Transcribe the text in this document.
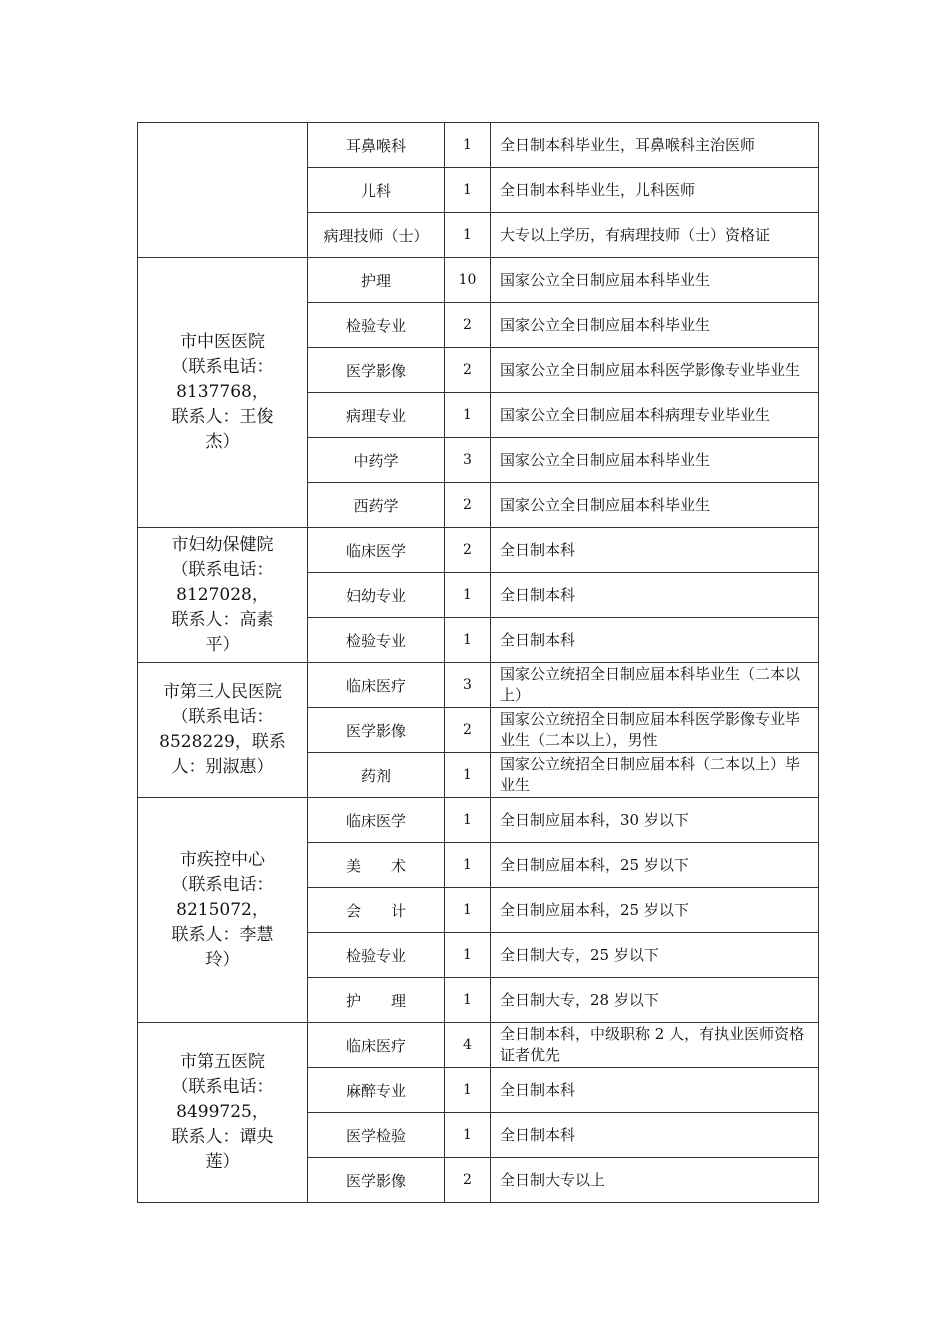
	耳鼻喉科	1	全日制本科毕业生，耳鼻喉科主治医师
	儿科	1	全日制本科毕业生，儿科医师
	病理技师（士）	1	大专以上学历，有病理技师（士）资格证

市中医医院
（联系电话：
8137768，
联系人：王俊
杰）	护理	10	国家公立全日制应届本科毕业生
	检验专业	2	国家公立全日制应届本科毕业生
	医学影像	2	国家公立全日制应届本科医学影像专业毕业生
	病理专业	1	国家公立全日制应届本科病理专业毕业生
	中药学	3	国家公立全日制应届本科毕业生
	西药学	2	国家公立全日制应届本科毕业生

市妇幼保健院
（联系电话：
8127028，
联系人：高素
平）	临床医学	2	全日制本科
	妇幼专业	1	全日制本科
	检验专业	1	全日制本科

市第三人民医院
（联系电话：
8528229，联系
人：别淑惠）	临床医疗	3	国家公立统招全日制应届本科毕业生（二本以上）
	医学影像	2	国家公立统招全日制应届本科医学影像专业毕业生（二本以上），男性
	药剂	1	国家公立统招全日制应届本科（二本以上）毕业生

市疾控中心
（联系电话：
8215072，
联系人：李慧
玲）	临床医学	1	全日制应届本科，30 岁以下
	美　　术	1	全日制应届本科，25 岁以下
	会　　计	1	全日制应届本科，25 岁以下
	检验专业	1	全日制大专，25 岁以下
	护　　理	1	全日制大专，28 岁以下

市第五医院
（联系电话：
8499725，
联系人：谭央
莲）	临床医疗	4	全日制本科，中级职称 2 人，有执业医师资格证者优先
	麻醉专业	1	全日制本科
	医学检验	1	全日制本科
	医学影像	2	全日制大专以上
